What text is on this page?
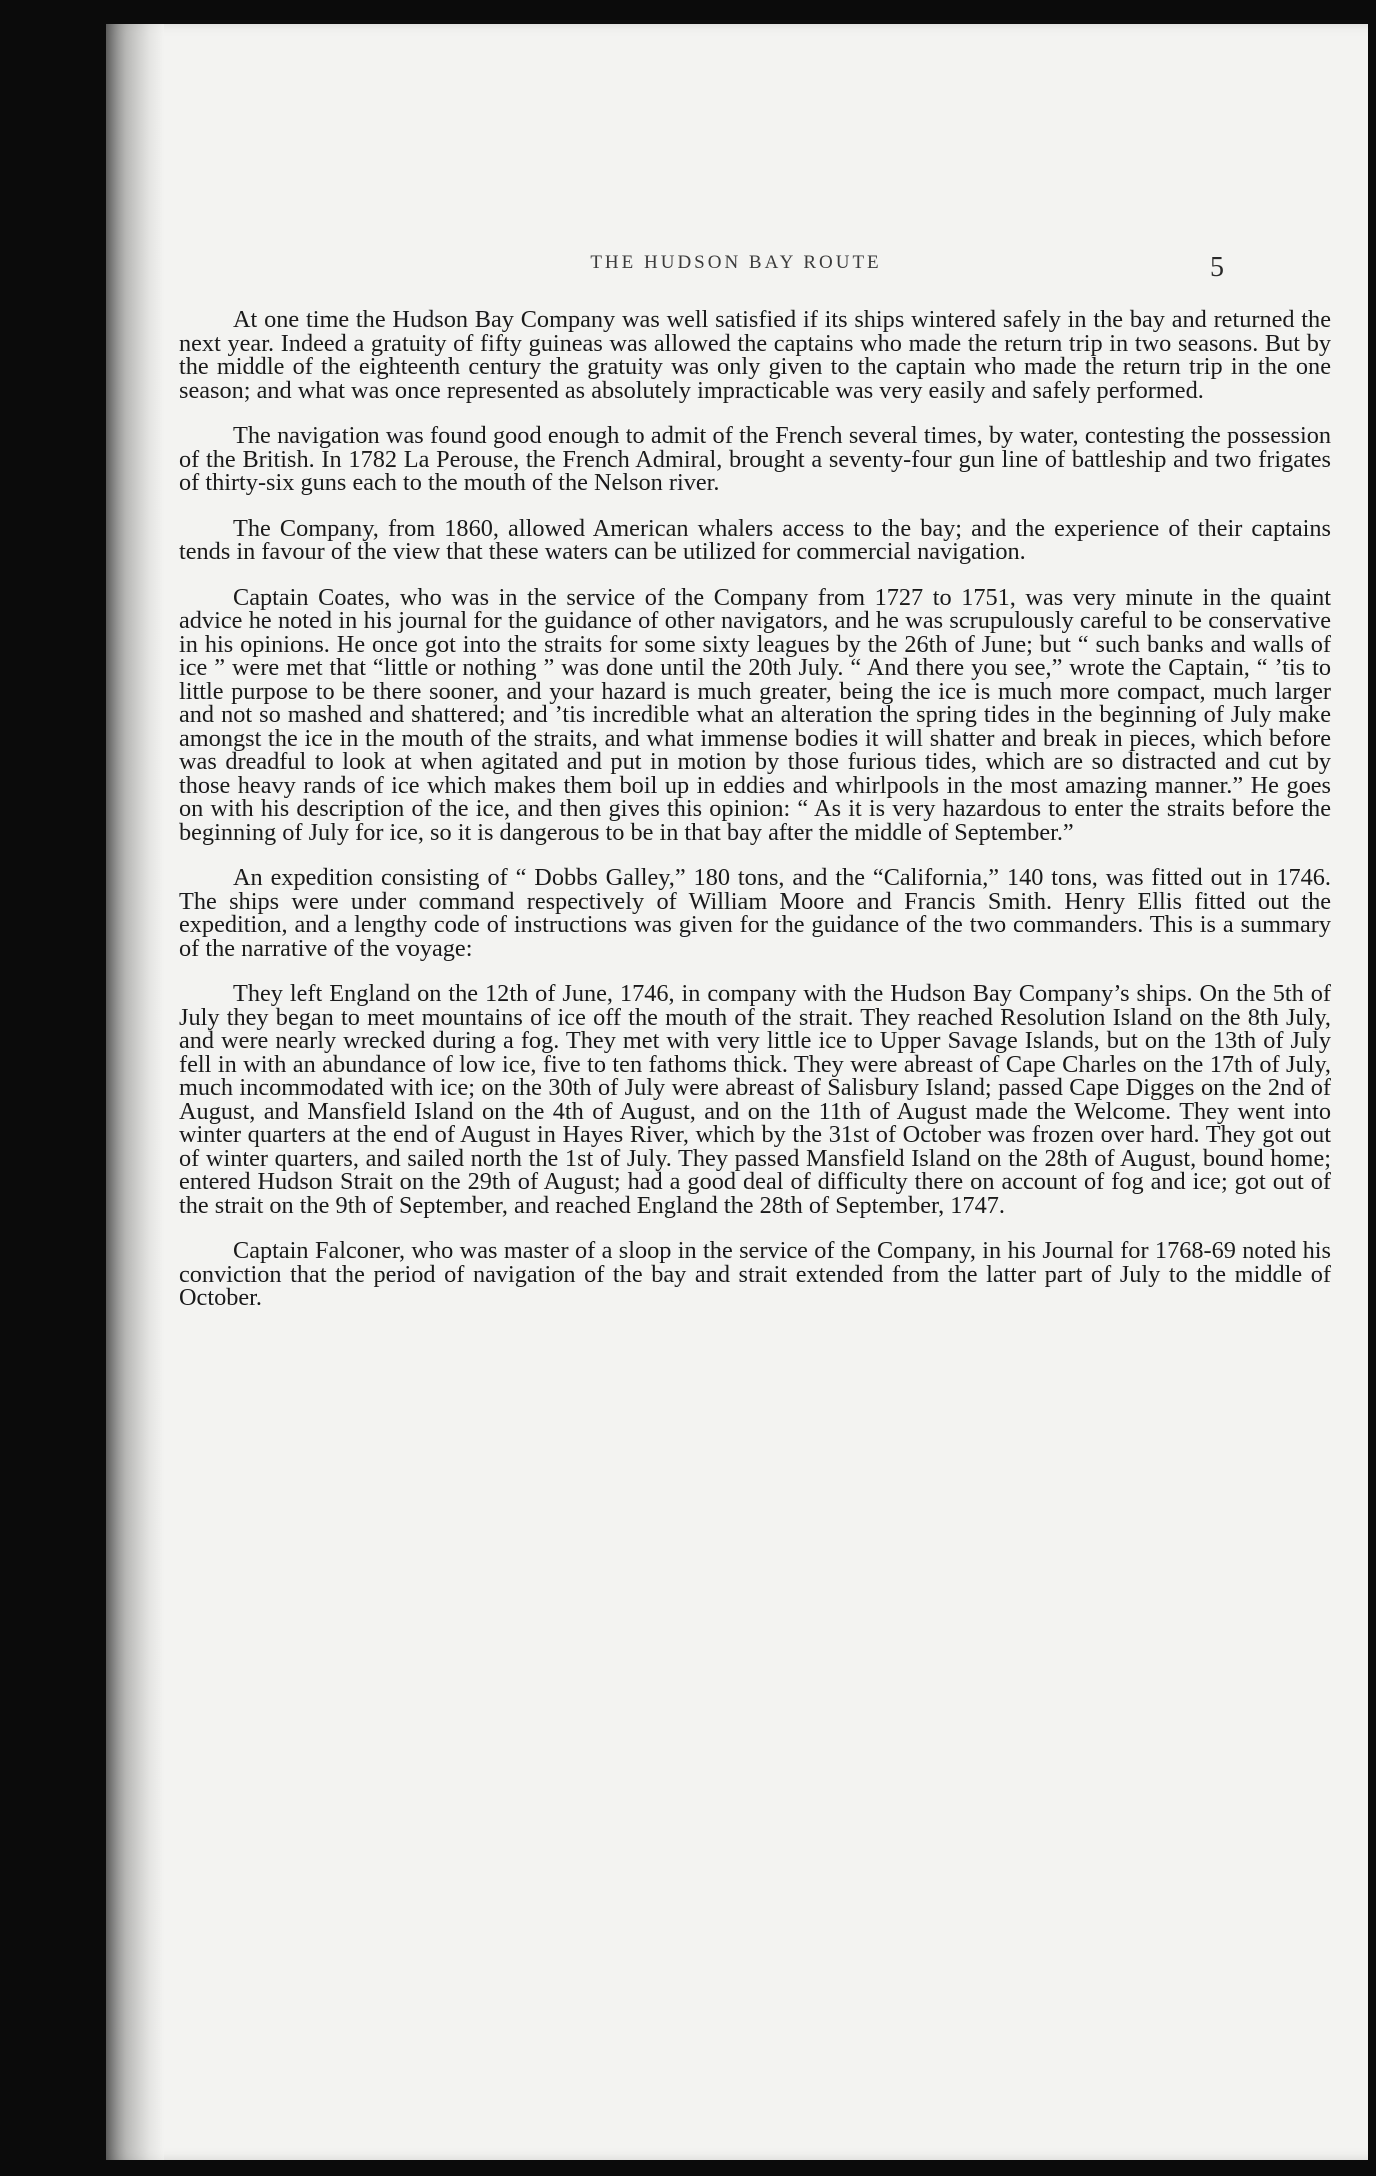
THE HUDSON BAY ROUTE	5

At one time the Hudson Bay Company was well satisfied if its ships wintered safely in the bay and returned the next year. Indeed a gratuity of fifty guineas was allowed the captains who made the return trip in two seasons. But by the middle of the eighteenth century the gratuity was only given to the captain who made the return trip in the one season; and what was once represented as absolutely impracticable was very easily and safely performed.

The navigation was found good enough to admit of the French several times, by water, contesting the possession of the British. In 1782 La Perouse, the French Admiral, brought a seventy-four gun line of battleship and two frigates of thirty-six guns each to the mouth of the Nelson river.

The Company, from 1860, allowed American whalers access to the bay; and the experience of their captains tends in favour of the view that these waters can be utilized for commercial navigation.

Captain Coates, who was in the service of the Company from 1727 to 1751, was very minute in the quaint advice he noted in his journal for the guidance of other navigators, and he was scrupulously careful to be conservative in his opinions. He once got into the straits for some sixty leagues by the 26th of June; but “ such banks and walls of ice ” were met that “little or nothing ” was done until the 20th July. “ And there you see,” wrote the Captain, “ ’tis to little purpose to be there sooner, and your hazard is much greater, being the ice is much more compact, much larger and not so mashed and shattered; and ’tis incredible what an alteration the spring tides in the beginning of July make amongst the ice in the mouth of the straits, and what immense bodies it will shatter and break in pieces, which before was dreadful to look at when agitated and put in motion by those furious tides, which are so distracted and cut by those heavy rands of ice which makes them boil up in eddies and whirlpools in the most amazing manner.” He goes on with his description of the ice, and then gives this opinion: “ As it is very hazardous to enter the straits before the beginning of July for ice, so it is dangerous to be in that bay after the middle of September.”

An expedition consisting of “ Dobbs Galley,” 180 tons, and the “California,” 140 tons, was fitted out in 1746. The ships were under command respectively of William Moore and Francis Smith. Henry Ellis fitted out the expedition, and a lengthy code of instructions was given for the guidance of the two commanders. This is a summary of the narrative of the voyage:

They left England on the 12th of June, 1746, in company with the Hudson Bay Company’s ships. On the 5th of July they began to meet mountains of ice off the mouth of the strait. They reached Resolution Island on the 8th July, and were nearly wrecked during a fog. They met with very little ice to Upper Savage Islands, but on the 13th of July fell in with an abundance of low ice, five to ten fathoms thick. They were abreast of Cape Charles on the 17th of July, much incommodated with ice; on the 30th of July were abreast of Salisbury Island; passed Cape Digges on the 2nd of August, and Mansfield Island on the 4th of August, and on the 11th of August made the Welcome. They went into winter quarters at the end of August in Hayes River, which by the 31st of October was frozen over hard. They got out of winter quarters, and sailed north the 1st of July. They passed Mansfield Island on the 28th of August, bound home; entered Hudson Strait on the 29th of August; had a good deal of difficulty there on account of fog and ice; got out of the strait on the 9th of September, and reached England the 28th of September, 1747.

Captain Falconer, who was master of a sloop in the service of the Company, in his Journal for 1768-69 noted his conviction that the period of navigation of the bay and strait extended from the latter part of July to the middle of October.
